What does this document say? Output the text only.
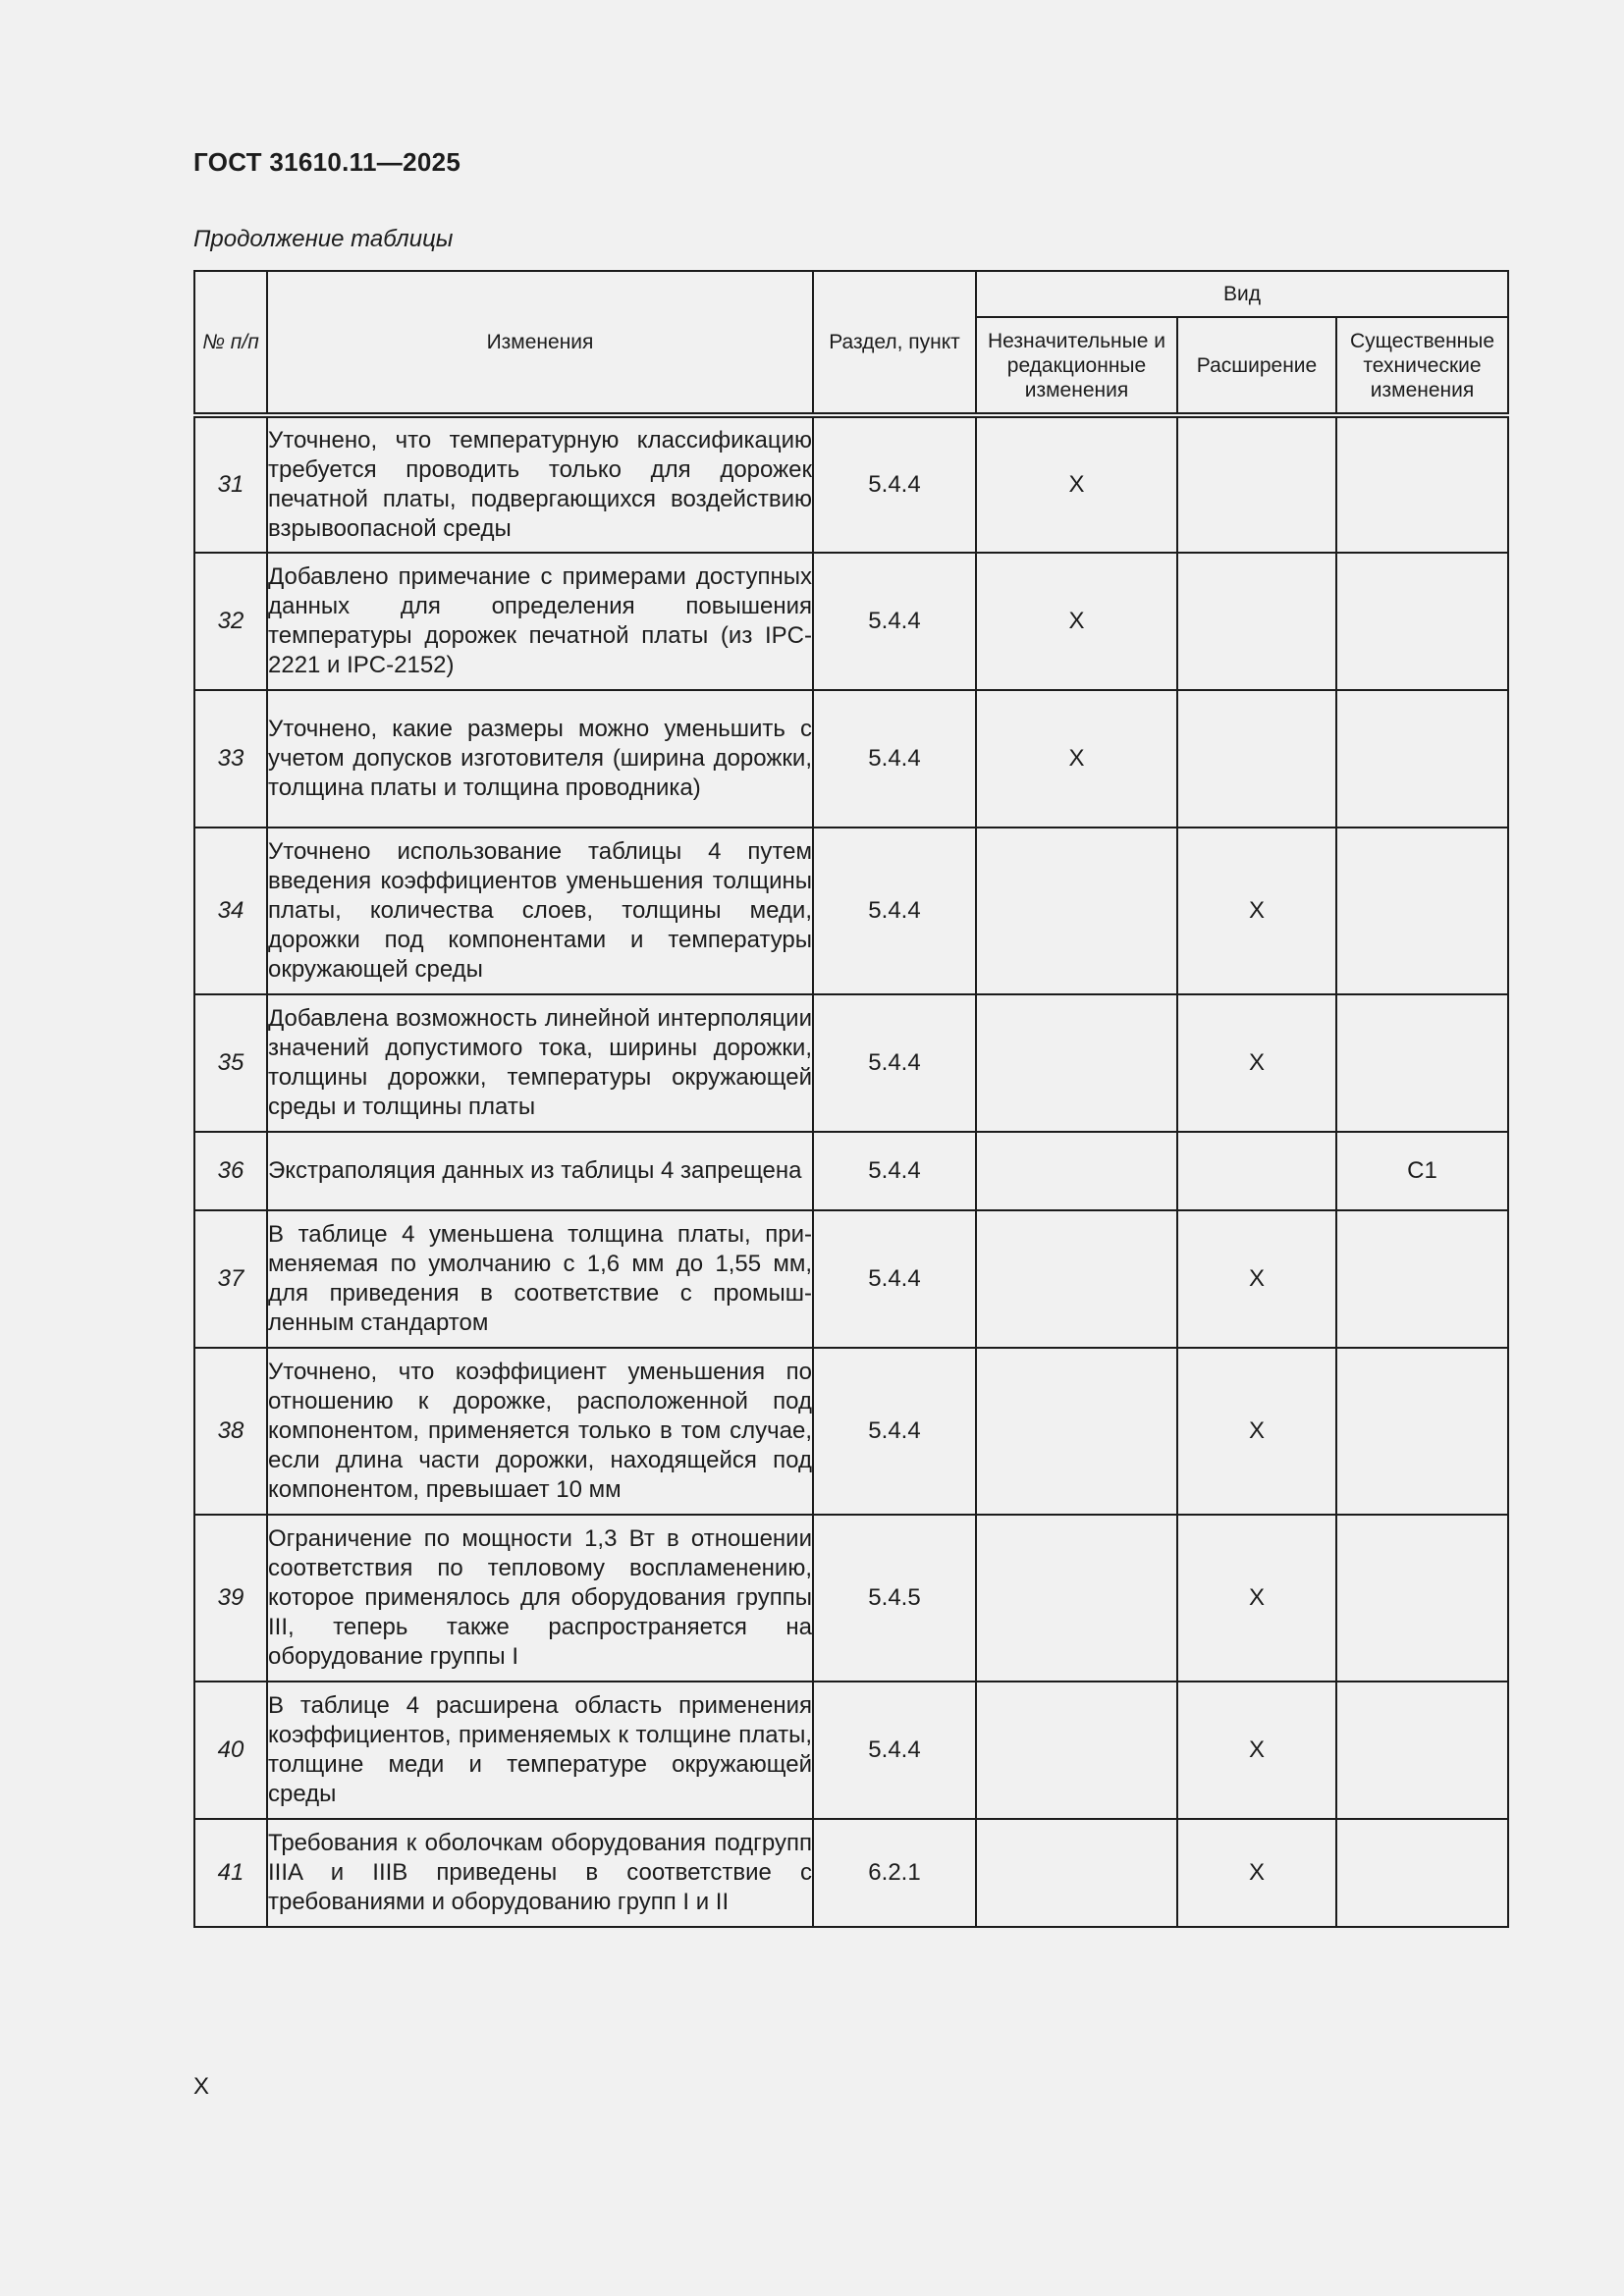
ГОСТ 31610.11—2025
Продолжение таблицы
№ п/п	Изменения	Раздел, пункт	Вид		
			Незначительные и редакционные изменения	Расширение	Существенные технические изменения
31	Уточнено, что температурную классификацию требуется проводить только для дорожек печатной платы, подвергающихся воздействию взрывоопасной среды	5.4.4	X		
32	Добавлено примечание с примерами доступных данных для определения повышения температуры дорожек печатной платы (из IPC-2221 и IPC-2152)	5.4.4	X		
33	Уточнено, какие размеры можно уменьшить с учетом допусков изготовителя (ширина дорожки, толщина платы и толщина проводника)	5.4.4	X		
34	Уточнено использование таблицы 4 путем введения коэффициентов уменьшения толщины платы, количества слоев, толщины меди, дорожки под компонентами и температуры окружающей среды	5.4.4		X	
35	Добавлена возможность линейной интерполяции значений допустимого тока, ширины дорожки, толщины дорожки, температуры окружающей среды и толщины платы	5.4.4		X	
36	Экстраполяция данных из таблицы 4 запрещена	5.4.4			C1
37	В таблице 4 уменьшена толщина платы, применяемая по умолчанию с 1,6 мм до 1,55 мм, для приведения в соответствие с промышленным стандартом	5.4.4		X	
38	Уточнено, что коэффициент уменьшения по отношению к дорожке, расположенной под компонентом, применяется только в том случае, если длина части дорожки, находящейся под компонентом, превышает 10 мм	5.4.4		X	
39	Ограничение по мощности 1,3 Вт в отношении соответствия по тепловому воспламенению, которое применялось для оборудования группы III, теперь также распространяется на оборудование группы I	5.4.5		X	
40	В таблице 4 расширена область применения коэффициентов, применяемых к толщине платы, толщине меди и температуре окружающей среды	5.4.4		X	
41	Требования к оболочкам оборудования подгрупп IIIA и IIIB приведены в соответствие с требованиями и оборудованию групп I и II	6.2.1		X	
X
